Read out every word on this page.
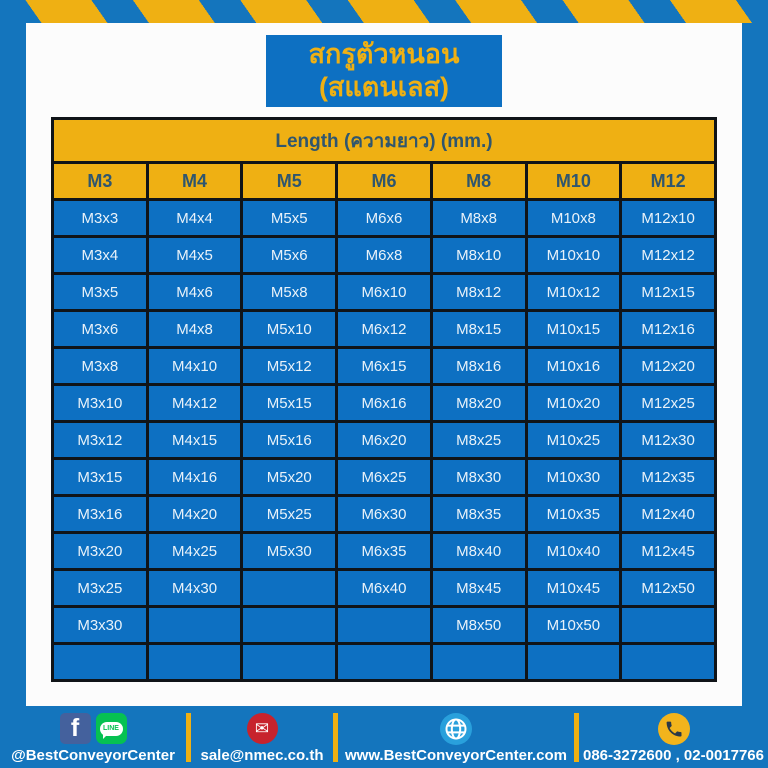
สกรูตัวหนอน
(สแตนเลส)
Length (ความยาว) (mm.)						
M3	M4	M5	M6	M8	M10	M12
M3x3	M4x4	M5x5	M6x6	M8x8	M10x8	M12x10
M3x4	M4x5	M5x6	M6x8	M8x10	M10x10	M12x12
M3x5	M4x6	M5x8	M6x10	M8x12	M10x12	M12x15
M3x6	M4x8	M5x10	M6x12	M8x15	M10x15	M12x16
M3x8	M4x10	M5x12	M6x15	M8x16	M10x16	M12x20
M3x10	M4x12	M5x15	M6x16	M8x20	M10x20	M12x25
M3x12	M4x15	M5x16	M6x20	M8x25	M10x25	M12x30
M3x15	M4x16	M5x20	M6x25	M8x30	M10x30	M12x35
M3x16	M4x20	M5x25	M6x30	M8x35	M10x35	M12x40
M3x20	M4x25	M5x30	M6x35	M8x40	M10x40	M12x45
M3x25	M4x30		M6x40	M8x45	M10x45	M12x50
M3x30				M8x50	M10x50	

f	LINE
@BestConveyorCenter
✉
sale@nmec.co.th www.BestConveyorCenter.com 086-3272600 , 02-0017766
